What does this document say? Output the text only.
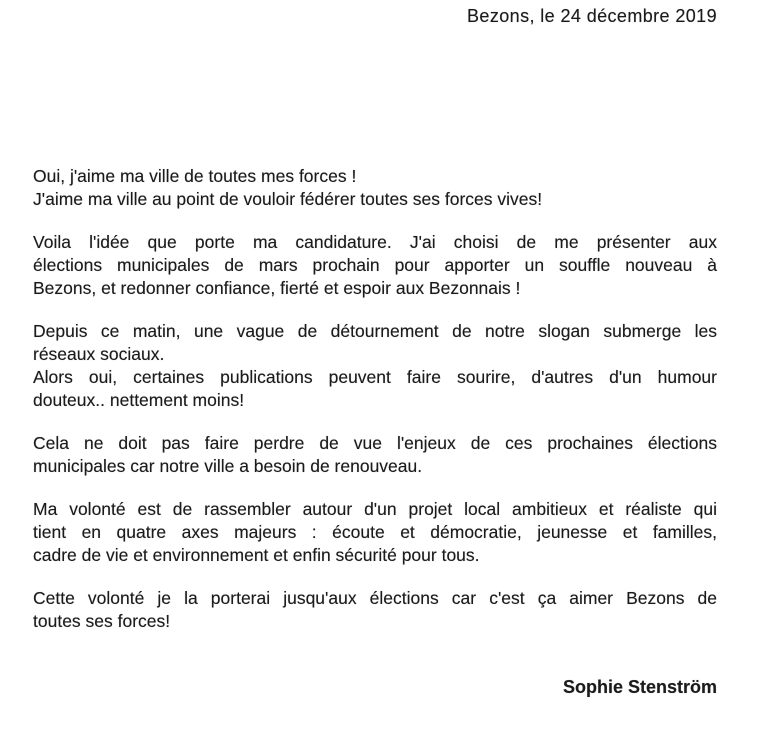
Bezons, le 24 décembre 2019
Oui, j'aime ma ville de toutes mes forces !
J'aime ma ville au point de vouloir fédérer toutes ses forces vives!
Voila l'idée que porte ma candidature. J'ai choisi de me présenter aux
élections municipales de mars prochain pour apporter un souffle nouveau à
Bezons, et redonner confiance, fierté et espoir aux Bezonnais !
Depuis ce matin, une vague de détournement de notre slogan submerge les
réseaux sociaux.
Alors oui, certaines publications peuvent faire sourire, d'autres d'un humour
douteux.. nettement moins!
Cela ne doit pas faire perdre de vue l'enjeux de ces prochaines élections
municipales car notre ville a besoin de renouveau.
Ma volonté est de rassembler autour d'un projet local ambitieux et réaliste qui
tient en quatre axes majeurs : écoute et démocratie, jeunesse et familles,
cadre de vie et environnement et enfin sécurité pour tous.
Cette volonté je la porterai jusqu'aux élections car c'est ça aimer Bezons de
toutes ses forces!
Sophie Stenström
